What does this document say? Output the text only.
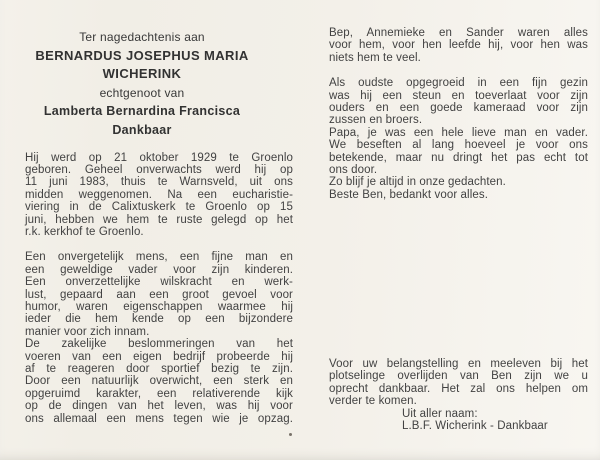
Ter nagedachtenis aan
BERNARDUS JOSEPHUS MARIA
WICHERINK
echtgenoot van
Lamberta Bernardina Francisca
Dankbaar

Hij werd op 21 oktober 1929 te Groenlo
geboren. Geheel onverwachts werd hij op
11 juni 1983, thuis te Warnsveld, uit ons
midden weggenomen. Na een eucharistie-
viering in de Calixtuskerk te Groenlo op 15
juni, hebben we hem te ruste gelegd op het
r.k. kerkhof te Groenlo.

Een onvergetelijk mens, een fijne man en
een geweldige vader voor zijn kinderen.
Een onverzettelijke wilskracht en werk-
lust, gepaard aan een groot gevoel voor
humor, waren eigenschappen waarmee hij
ieder die hem kende op een bijzondere
manier voor zich innam.

De zakelijke beslommeringen van het
voeren van een eigen bedrijf probeerde hij
af te reageren door sportief bezig te zijn.
Door een natuurlijk overwicht, een sterk en
opgeruimd karakter, een relativerende kijk
op de dingen van het leven, was hij voor
ons allemaal een mens tegen wie je opzag.

Bep, Annemieke en Sander waren alles
voor hem, voor hen leefde hij, voor hen was
niets hem te veel.

Als oudste opgegroeid in een fijn gezin
was hij een steun en toeverlaat voor zijn
ouders en een goede kameraad voor zijn
zussen en broers.
Papa, je was een hele lieve man en vader.
We beseften al lang hoeveel je voor ons
betekende, maar nu dringt het pas echt tot
ons door.
Zo blijf je altijd in onze gedachten.
Beste Ben, bedankt voor alles.

Voor uw belangstelling en meeleven bij het
plotselinge overlijden van Ben zijn we u
oprecht dankbaar. Het zal ons helpen om
verder te komen.

Uit aller naam:
L.B.F. Wicherink - Dankbaar
